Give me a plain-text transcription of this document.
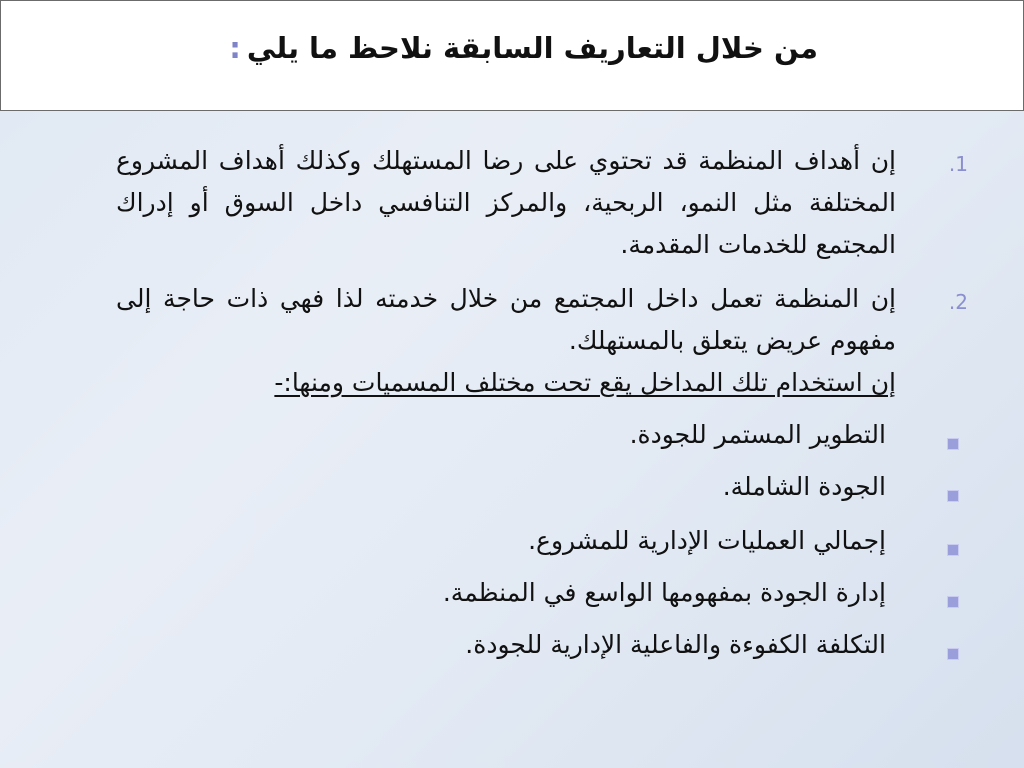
من خلال التعاريف السابقة نلاحظ ما يلي:
.1
إن أهداف المنظمة قد تحتوي على رضا المستهلك وكذلك أهداف المشروع المختلفة مثل النمو، الربحية، والمركز التنافسي داخل السوق أو إدراك المجتمع للخدمات المقدمة.
.2
إن المنظمة تعمل داخل المجتمع من خلال خدمته لذا فهي ذات حاجة إلى مفهوم عريض يتعلق بالمستهلك.
إن استخدام تلك المداخل يقع تحت مختلف المسميات ومنها:-
التطوير المستمر للجودة.
الجودة الشاملة.
إجمالي العمليات الإدارية للمشروع.
إدارة الجودة بمفهومها الواسع في المنظمة.
التكلفة الكفوءة والفاعلية الإدارية للجودة.
